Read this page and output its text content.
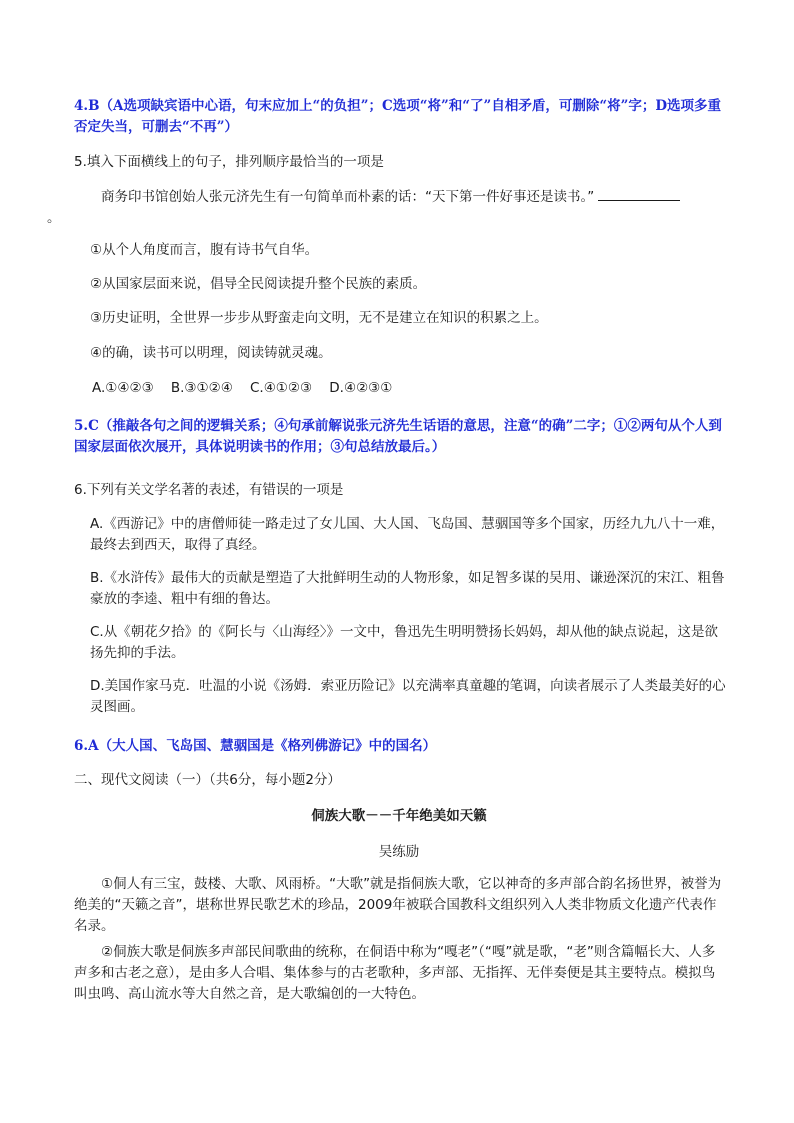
4.B（A选项缺宾语中心语，句末应加上“的负担”；C选项“将”和“了”自相矛盾，可删除“将”字；D选项多重否定失当，可删去“不再”）

5.填入下面横线上的句子，排列顺序最恰当的一项是

商务印书馆创始人张元济先生有一句简单而朴素的话：“天下第一件好事还是读书。”
。

①从个人角度而言，腹有诗书气自华。

②从国家层面来说，倡导全民阅读提升整个民族的素质。

③历史证明，全世界一步步从野蛮走向文明，无不是建立在知识的积累之上。

④的确，读书可以明理，阅读铸就灵魂。

A.①④②③    B.③①②④    C.④①②③    D.④②③①

5.C（推敲各句之间的逻辑关系；④句承前解说张元济先生话语的意思，注意“的确”二字；①②两句从个人到国家层面依次展开，具体说明读书的作用；③句总结放最后。）

6.下列有关文学名著的表述，有错误的一项是

A.《西游记》中的唐僧师徒一路走过了女儿国、大人国、飞岛国、慧骃国等多个国家，历经九九八十一难，最终去到西天，取得了真经。

B.《水浒传》最伟大的贡献是塑造了大批鲜明生动的人物形象，如足智多谋的吴用、谦逊深沉的宋江、粗鲁豪放的李逵、粗中有细的鲁达。

C.从《朝花夕拾》的《阿长与〈山海经〉》一文中，鲁迅先生明明赞扬长妈妈，却从他的缺点说起，这是欲扬先抑的手法。

D.美国作家马克．吐温的小说《汤姆．索亚历险记》以充满率真童趣的笔调，向读者展示了人类最美好的心灵图画。

6.A（大人国、飞岛国、慧骃国是《格列佛游记》中的国名）

二、现代文阅读（一）（共6分，每小题2分）

侗族大歌－－千年绝美如天籁

吴练励

①侗人有三宝，鼓楼、大歌、风雨桥。“大歌”就是指侗族大歌，它以神奇的多声部合韵名扬世界，被誉为绝美的“天籁之音”，堪称世界民歌艺术的珍品，2009年被联合国教科文组织列入人类非物质文化遗产代表作名录。

②侗族大歌是侗族多声部民间歌曲的统称，在侗语中称为“嘎老”（“嘎”就是歌，“老”则含篇幅长大、人多声多和古老之意），是由多人合唱、集体参与的古老歌种，多声部、无指挥、无伴奏便是其主要特点。模拟鸟叫虫鸣、高山流水等大自然之音，是大歌编创的一大特色。
